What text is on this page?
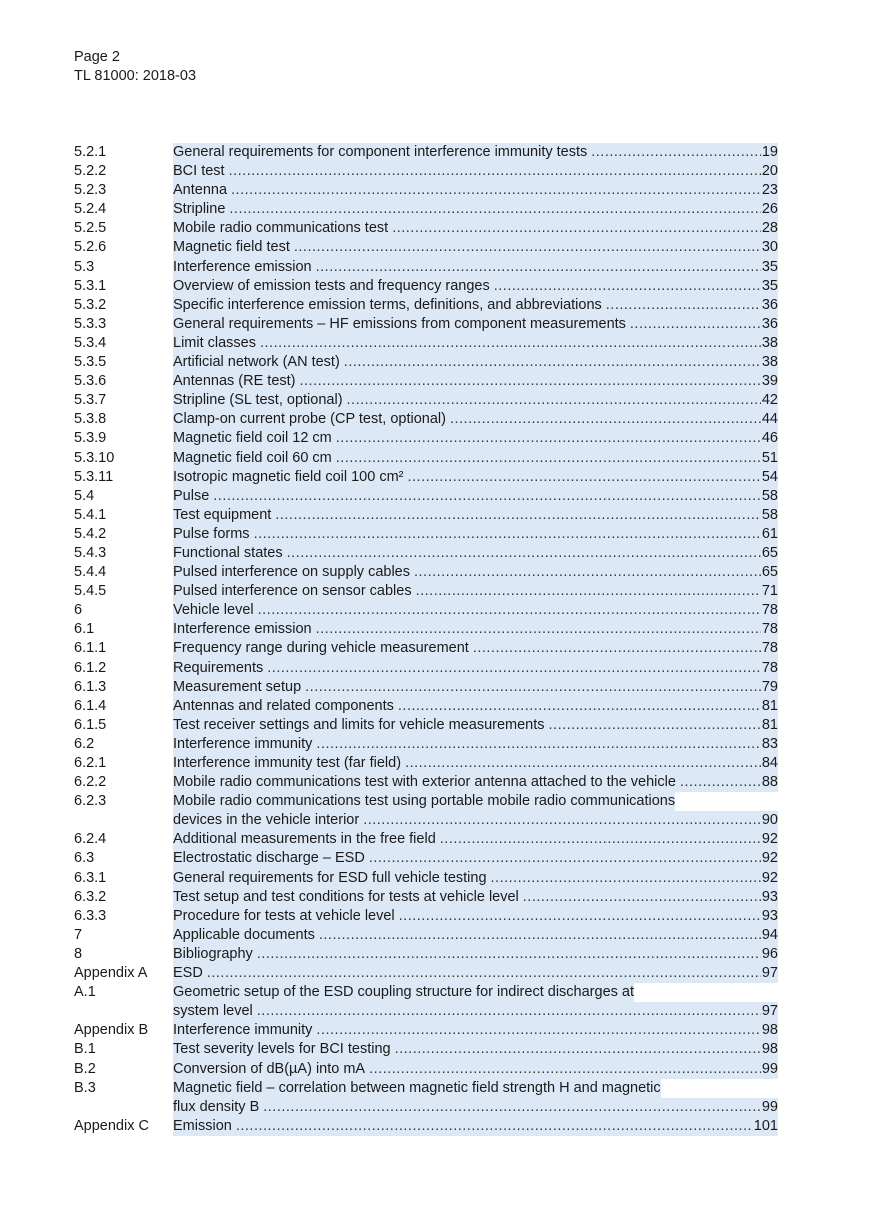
Page 2
TL 81000: 2018-03
5.2.1	General requirements for component interference immunity tests .....	19
5.2.2	BCI test .....	20
5.2.3	Antenna .....	23
5.2.4	Stripline .....	26
5.2.5	Mobile radio communications test .....	28
5.2.6	Magnetic field test .....	30
5.3	Interference emission .....	35
5.3.1	Overview of emission tests and frequency ranges .....	35
5.3.2	Specific interference emission terms, definitions, and abbreviations .....	36
5.3.3	General requirements – HF emissions from component measurements .....	36
5.3.4	Limit classes .....	38
5.3.5	Artificial network (AN test) .....	38
5.3.6	Antennas (RE test) .....	39
5.3.7	Stripline (SL test, optional) .....	42
5.3.8	Clamp-on current probe (CP test, optional) .....	44
5.3.9	Magnetic field coil 12 cm .....	46
5.3.10	Magnetic field coil 60 cm .....	51
5.3.11	Isotropic magnetic field coil 100 cm² .....	54
5.4	Pulse .....	58
5.4.1	Test equipment .....	58
5.4.2	Pulse forms .....	61
5.4.3	Functional states .....	65
5.4.4	Pulsed interference on supply cables .....	65
5.4.5	Pulsed interference on sensor cables .....	71
6	Vehicle level .....	78
6.1	Interference emission .....	78
6.1.1	Frequency range during vehicle measurement .....	78
6.1.2	Requirements .....	78
6.1.3	Measurement setup .....	79
6.1.4	Antennas and related components .....	81
6.1.5	Test receiver settings and limits for vehicle measurements .....	81
6.2	Interference immunity .....	83
6.2.1	Interference immunity test (far field) .....	84
6.2.2	Mobile radio communications test with exterior antenna attached to the vehicle .....	88
6.2.3	Mobile radio communications test using portable mobile radio communications
devices in the vehicle interior .....	90
6.2.4	Additional measurements in the free field .....	92
6.3	Electrostatic discharge – ESD .....	92
6.3.1	General requirements for ESD full vehicle testing .....	92
6.3.2	Test setup and test conditions for tests at vehicle level .....	93
6.3.3	Procedure for tests at vehicle level .....	93
7	Applicable documents .....	94
8	Bibliography .....	96
Appendix A	ESD .....	97
A.1	Geometric setup of the ESD coupling structure for indirect discharges at
system level .....	97
Appendix B	Interference immunity .....	98
B.1	Test severity levels for BCI testing .....	98
B.2	Conversion of dB(µA) into mA .....	99
B.3	Magnetic field – correlation between magnetic field strength H and magnetic
flux density B .....	99
Appendix C	Emission .....	101
